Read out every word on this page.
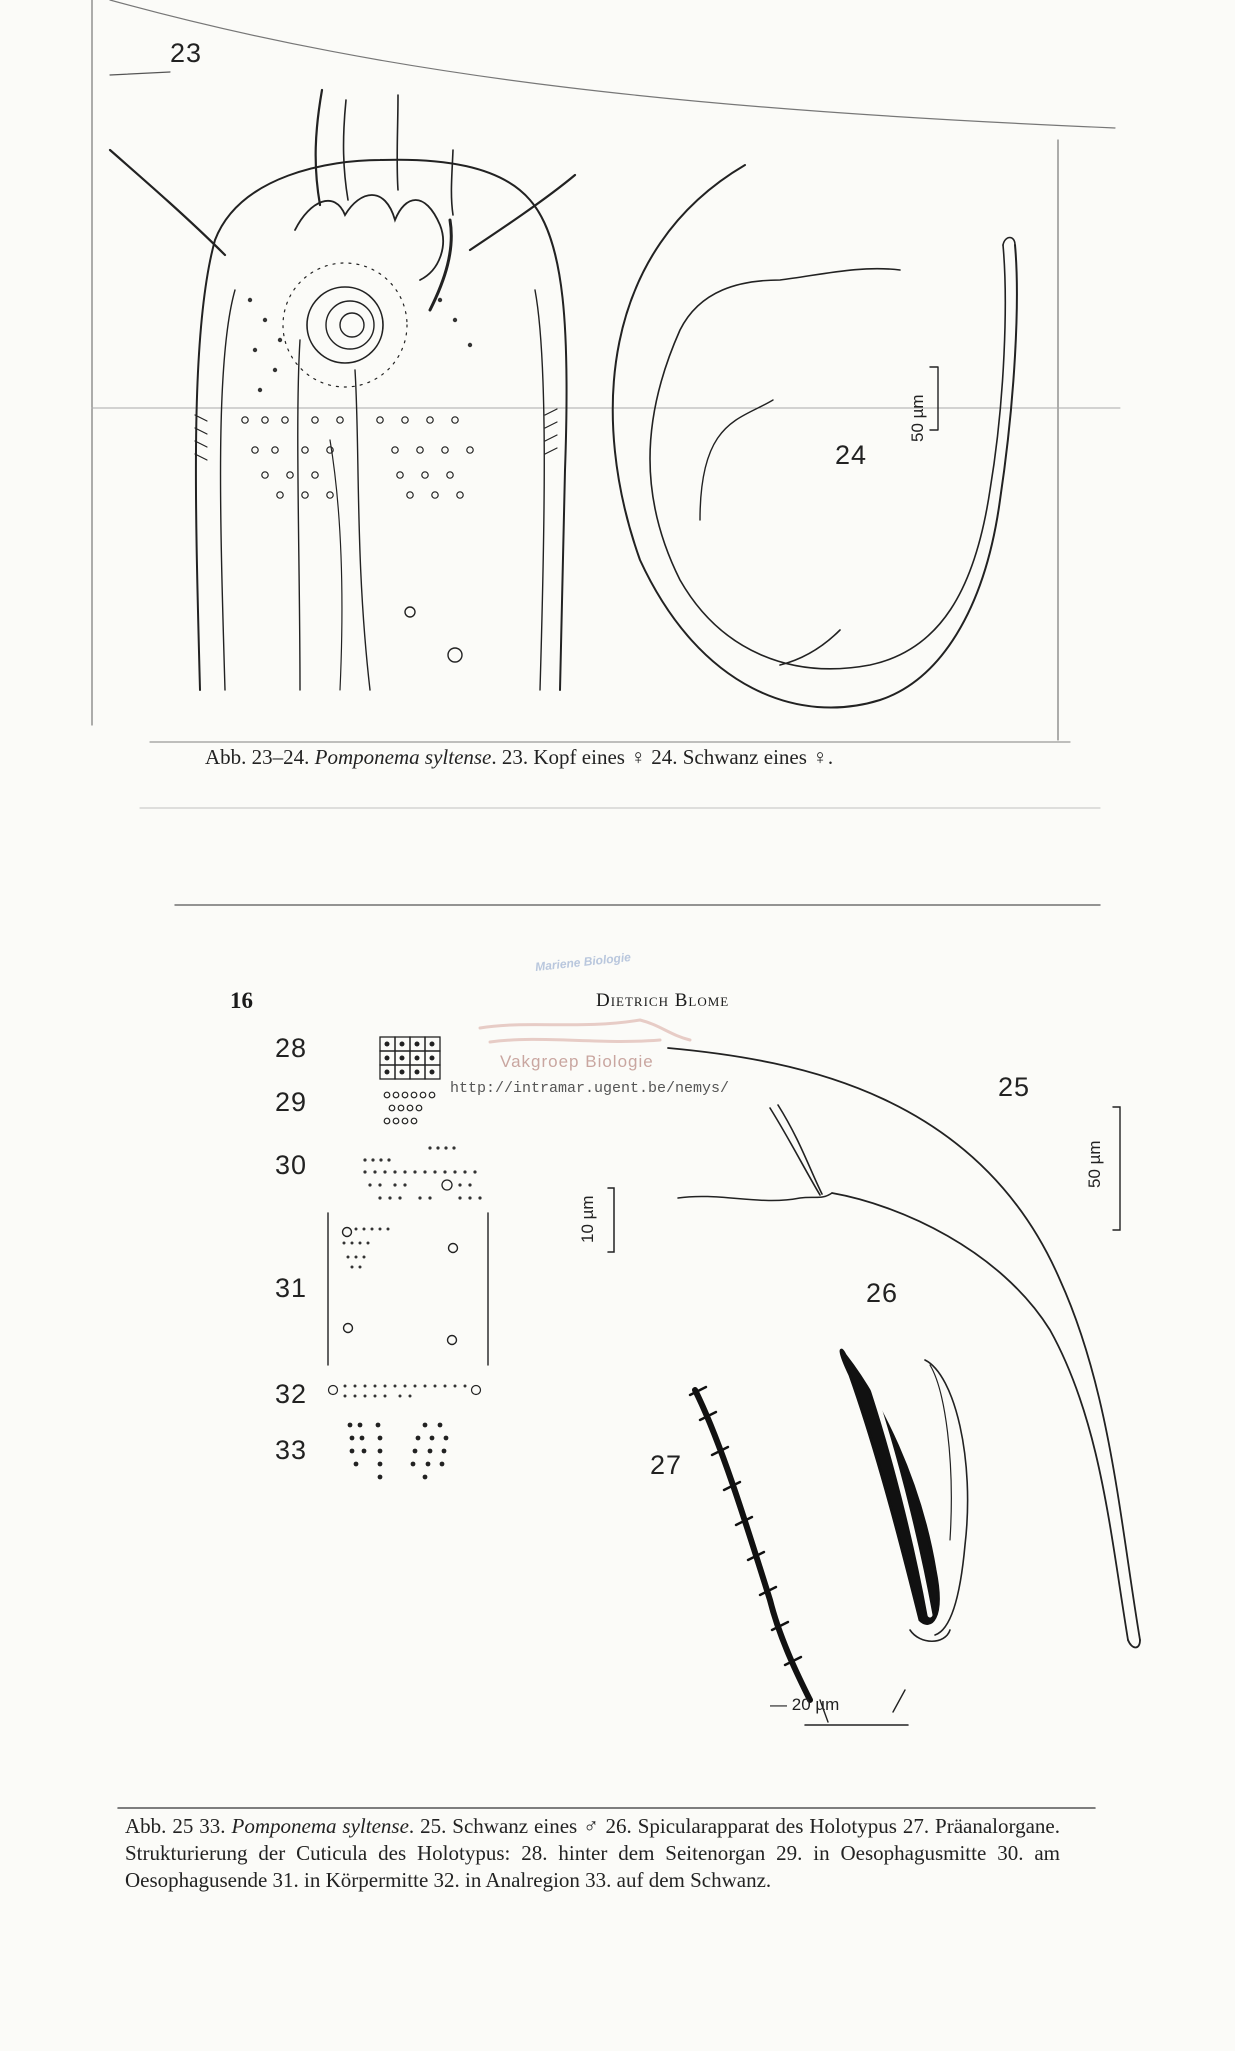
23
24
50 µm
Abb. 23–24. Pomponema syltense. 23. Kopf eines ♀ 24. Schwanz eines ♀.
16	Dietrich Blome
Mariene Biologie
Vakgroep Biologie
http://intramar.ugent.be/nemys/
28
29
30
31
32
33
10 µm
25
50 µm
26
27
— 20 µm
Abb. 25 33. Pomponema syltense. 25. Schwanz eines ♂ 26. Spicularapparat des Holotypus 27. Präanalorgane. Strukturierung der Cuticula des Holotypus: 28. hinter dem Seitenorgan 29. in Oesophagusmitte 30. am Oesophagusende 31. in Körpermitte 32. in Analregion 33. auf dem Schwanz.
